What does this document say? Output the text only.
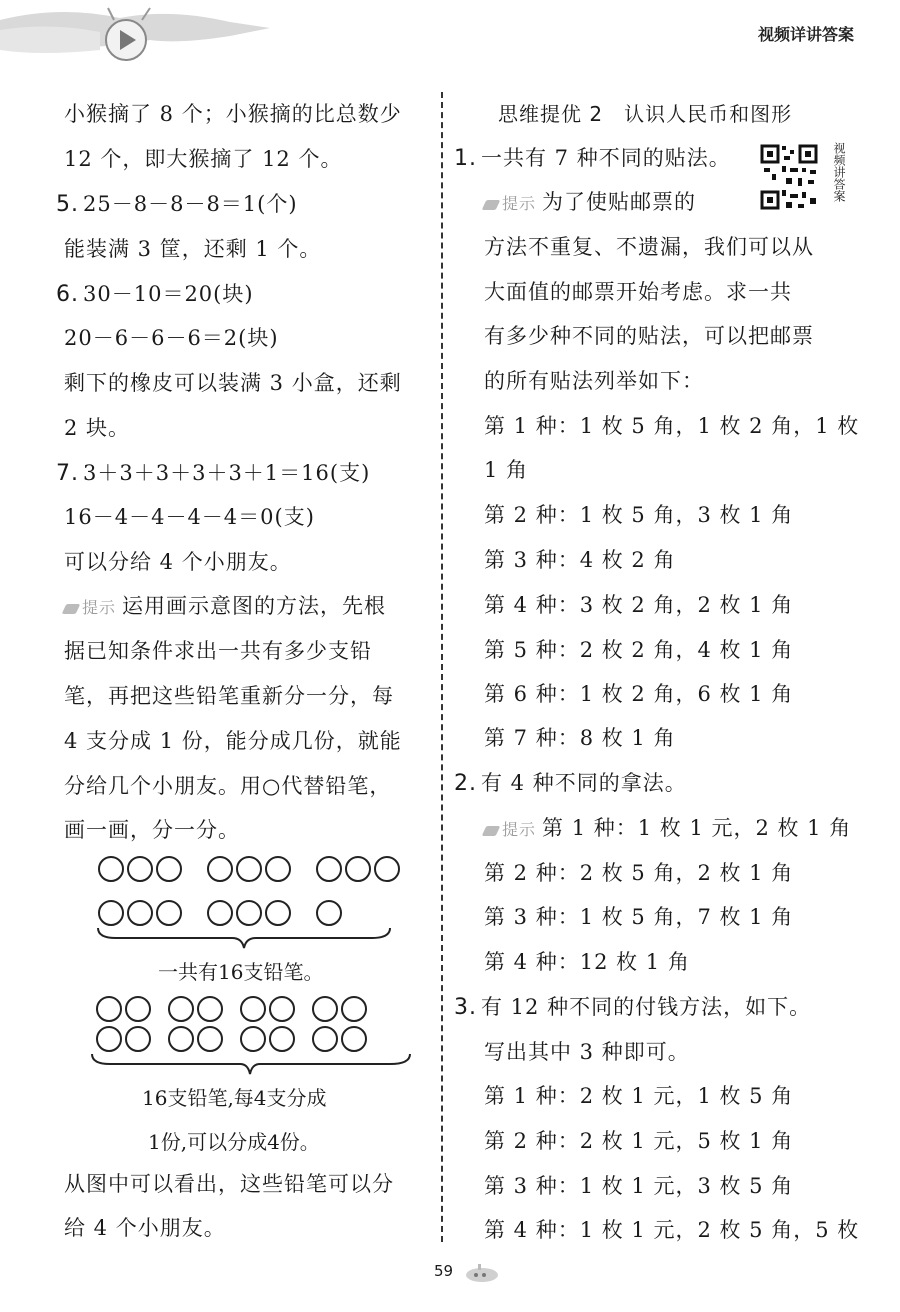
视频详讲答案
小猴摘了 8 个；小猴摘的比总数少
12 个，即大猴摘了 12 个。
5. 25－8－8－8＝1(个)
能装满 3 筐，还剩 1 个。
6. 30－10＝20(块)
20－6－6－6＝2(块)
剩下的橡皮可以装满 3 小盒，还剩
2 块。
7. 3＋3＋3＋3＋3＋1＝16(支)
16－4－4－4－4＝0(支)
可以分给 4 个小朋友。
提示 运用画示意图的方法，先根
据已知条件求出一共有多少支铅
笔，再把这些铅笔重新分一分，每
4 支分成 1 份，能分成几份，就能
分给几个小朋友。用○代替铅笔，
画一画，分一分。
一共有16支铅笔。
16支铅笔,每4支分成
1份,可以分成4份。
从图中可以看出，这些铅笔可以分
给 4 个小朋友。
思维提优 2　认识人民币和图形
1. 一共有 7 种不同的贴法。
提示 为了使贴邮票的
方法不重复、不遗漏，我们可以从
大面值的邮票开始考虑。求一共
有多少种不同的贴法，可以把邮票
的所有贴法列举如下：
第 1 种：1 枚 5 角，1 枚 2 角，1 枚
1 角
第 2 种：1 枚 5 角，3 枚 1 角
第 3 种：4 枚 2 角
第 4 种：3 枚 2 角，2 枚 1 角
第 5 种：2 枚 2 角，4 枚 1 角
第 6 种：1 枚 2 角，6 枚 1 角
第 7 种：8 枚 1 角
2. 有 4 种不同的拿法。
提示 第 1 种：1 枚 1 元，2 枚 1 角
第 2 种：2 枚 5 角，2 枚 1 角
第 3 种：1 枚 5 角，7 枚 1 角
第 4 种：12 枚 1 角
3. 有 12 种不同的付钱方法，如下。
写出其中 3 种即可。
第 1 种：2 枚 1 元，1 枚 5 角
第 2 种：2 枚 1 元，5 枚 1 角
第 3 种：1 枚 1 元，3 枚 5 角
第 4 种：1 枚 1 元，2 枚 5 角，5 枚
视频讲答案
59
